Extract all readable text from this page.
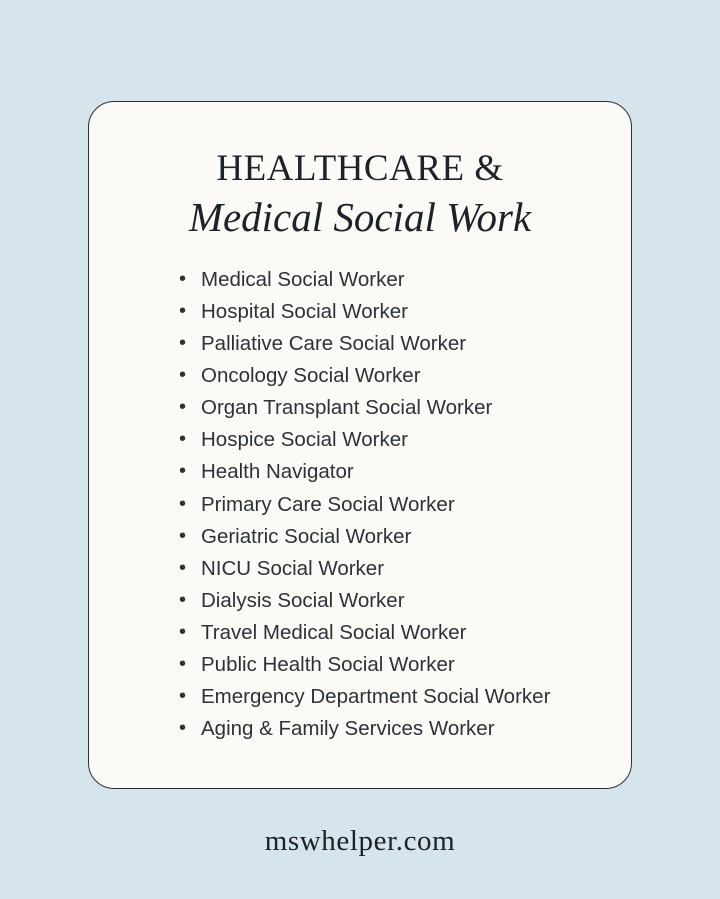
HEALTHCARE &
Medical Social Work
• Medical Social Worker
• Hospital Social Worker
• Palliative Care Social Worker
• Oncology Social Worker
• Organ Transplant Social Worker
• Hospice Social Worker
• Health Navigator
• Primary Care Social Worker
• Geriatric Social Worker
• NICU Social Worker
• Dialysis Social Worker
• Travel Medical Social Worker
• Public Health Social Worker
• Emergency Department Social Worker
• Aging & Family Services Worker
mswhelper.com
